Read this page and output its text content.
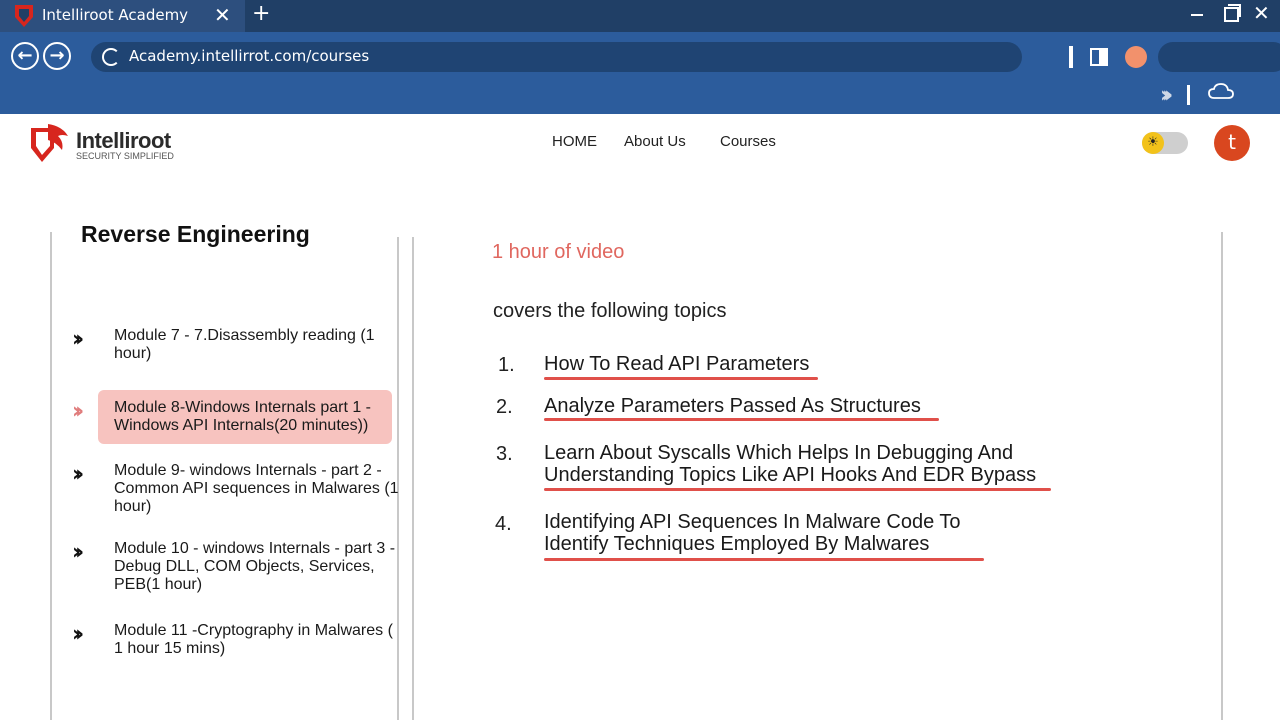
Intelliroot Academy ✕ +	✕
← →	Academy.intellirrot.com/courses
›››
Intelliroot
SECURITY SIMPLIFIED
HOME About Us Courses	☀	t
Reverse Engineering
›› Module 7 - 7.Disassembly reading (1 hour)
›› Module 8-Windows Internals part 1 - Windows API Internals(20 minutes))
›› Module 9- windows Internals - part 2 - Common API sequences in Malwares (1 hour)
›› Module 10 - windows Internals - part 3 - Debug DLL, COM Objects, Services, PEB(1 hour)
›› Module 11 -Cryptography in Malwares ( 1 hour 15 mins)
1 hour of video
covers the following topics
1. How To Read API Parameters
2. Analyze Parameters Passed As Structures
3. Learn About Syscalls Which Helps In Debugging And Understanding Topics Like API Hooks And EDR Bypass
4. Identifying API Sequences In Malware Code To Identify Techniques Employed By Malwares
